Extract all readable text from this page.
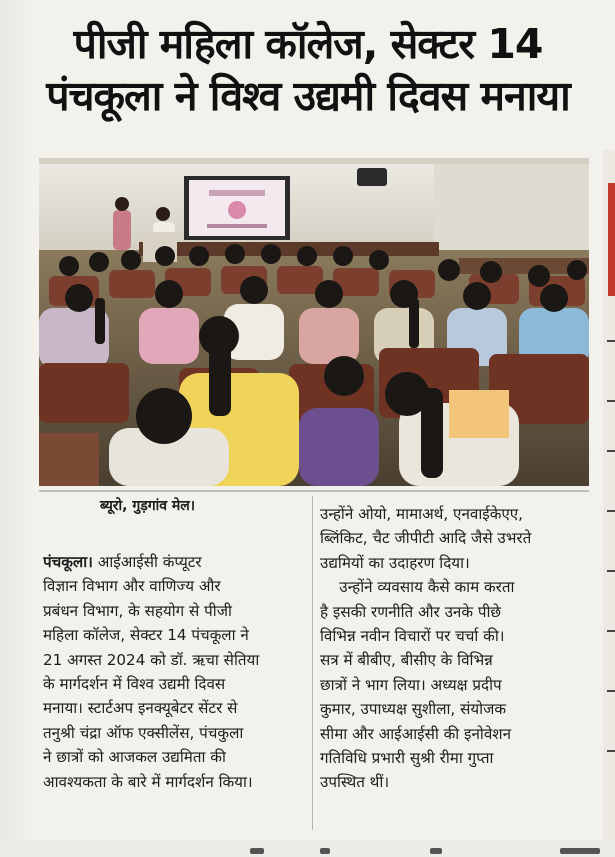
पीजी महिला कॉलेज, सेक्टर 14
पंचकूला ने विश्व उद्यमी दिवस मनाया
ब्यूरो, गुड़गांव मेल।
पंचकूला। आईआईसी कंप्यूटर
विज्ञान विभाग और वाणिज्य और
प्रबंधन विभाग, के सहयोग से पीजी
महिला कॉलेज, सेक्टर 14 पंचकूला ने
21 अगस्त 2024 को डॉ. ऋचा सेतिया
के मार्गदर्शन में विश्व उद्यमी दिवस
मनाया। स्टार्टअप इनक्यूबेटर सेंटर से
तनुश्री चंद्रा ऑफ एक्सीलेंस, पंचकुला
ने छात्रों को आजकल उद्यमिता की
आवश्यकता के बारे में मार्गदर्शन किया।
उन्होंने ओयो, मामाअर्थ, एनवाईकेएए,
ब्लिंकिट, चैट जीपीटी आदि जैसे उभरते
उद्यमियों का उदाहरण दिया।
उन्होंने व्यवसाय कैसे काम करता
है इसकी रणनीति और उनके पीछे
विभिन्न नवीन विचारों पर चर्चा की।
सत्र में बीबीए, बीसीए के विभिन्न
छात्रों ने भाग लिया। अध्यक्ष प्रदीप
कुमार, उपाध्यक्ष सुशीला, संयोजक
सीमा और आईआईसी की इनोवेशन
गतिविधि प्रभारी सुश्री रीमा गुप्ता
उपस्थित थीं।
